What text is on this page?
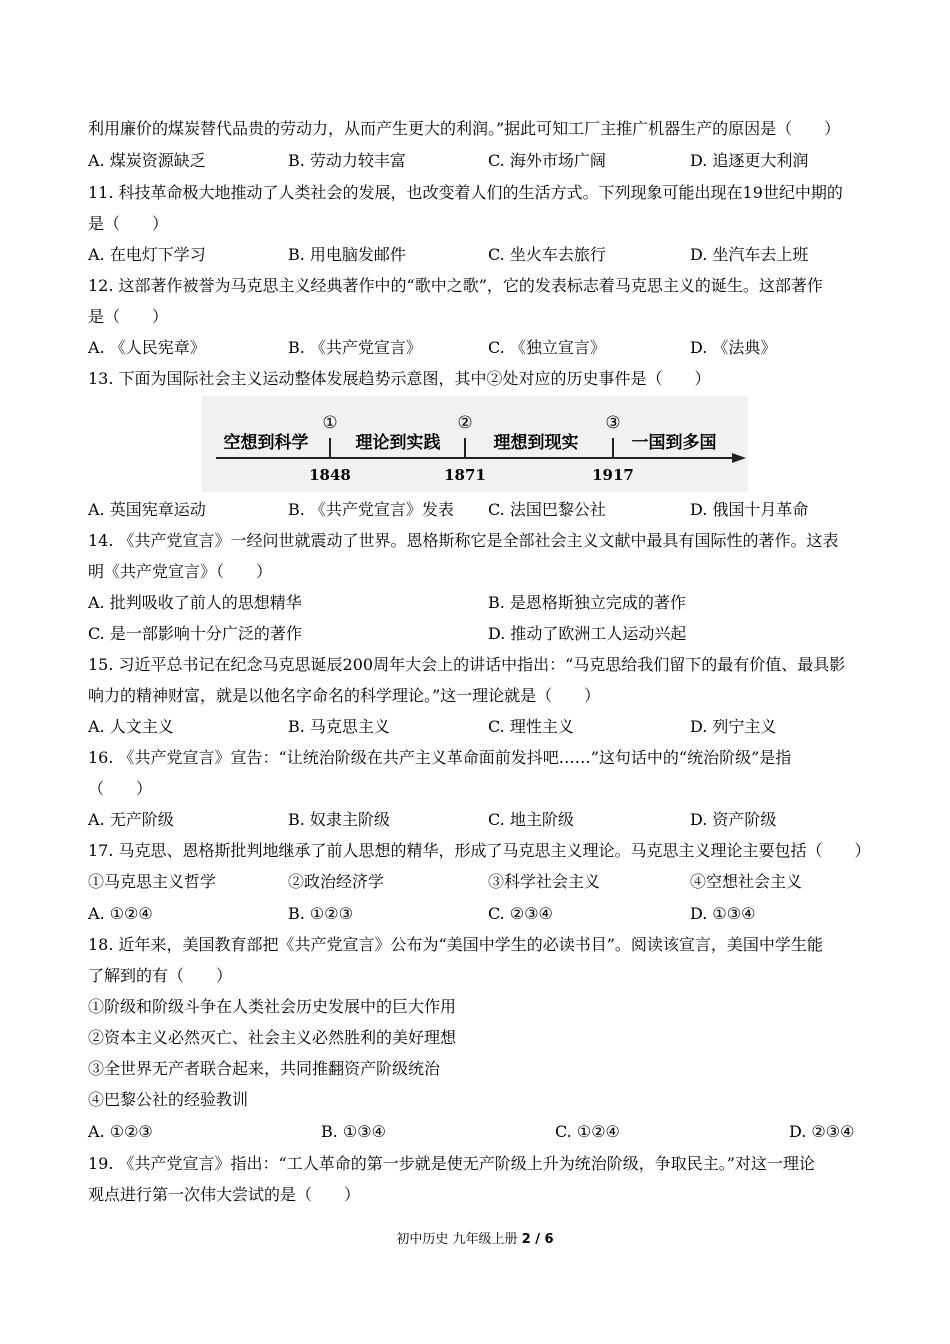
利用廉价的煤炭替代品贵的劳动力，从而产生更大的利润。”据此可知工厂主推广机器生产的原因是（　　）
A. 煤炭资源缺乏	B. 劳动力较丰富	C. 海外市场广阔	D. 追逐更大利润
11. 科技革命极大地推动了人类社会的发展，也改变着人们的生活方式。下列现象可能出现在19世纪中期的
是（　　）
A. 在电灯下学习	B. 用电脑发邮件	C. 坐火车去旅行	D. 坐汽车去上班
12. 这部著作被誉为马克思主义经典著作中的“歌中之歌”，它的发表标志着马克思主义的诞生。这部著作
是（　　）
A. 《人民宪章》	B. 《共产党宣言》	C. 《独立宣言》	D. 《法典》
13. 下面为国际社会主义运动整体发展趋势示意图，其中②处对应的历史事件是（　　）
①	②	③
空想到科学	理论到实践	理想到现实	一国到多国
1848	1871	1917
A. 英国宪章运动	B. 《共产党宣言》发表 C. 法国巴黎公社	D. 俄国十月革命
14. 《共产党宣言》一经问世就震动了世界。恩格斯称它是全部社会主义文献中最具有国际性的著作。这表
明《共产党宣言》（　　）
A. 批判吸收了前人的思想精华	B. 是恩格斯独立完成的著作
C. 是一部影响十分广泛的著作	D. 推动了欧洲工人运动兴起
15. 习近平总书记在纪念马克思诞辰200周年大会上的讲话中指出：“马克思给我们留下的最有价值、最具影
响力的精神财富，就是以他名字命名的科学理论。”这一理论就是（　　）
A. 人文主义	B. 马克思主义	C. 理性主义	D. 列宁主义
16. 《共产党宣言》宣告：“让统治阶级在共产主义革命面前发抖吧……”这句话中的“统治阶级”是指
（　　）
A. 无产阶级	B. 奴隶主阶级	C. 地主阶级	D. 资产阶级
17. 马克思、恩格斯批判地继承了前人思想的精华，形成了马克思主义理论。马克思主义理论主要包括（　　）
①马克思主义哲学	②政治经济学	③科学社会主义	④空想社会主义
A. ①②④	B. ①②③	C. ②③④	D. ①③④
18. 近年来，美国教育部把《共产党宣言》公布为“美国中学生的必读书目”。阅读该宣言，美国中学生能
了解到的有（　　）
①阶级和阶级斗争在人类社会历史发展中的巨大作用
②资本主义必然灭亡、社会主义必然胜利的美好理想
③全世界无产者联合起来，共同推翻资产阶级统治
④巴黎公社的经验教训
A. ①②③	B. ①③④	C. ①②④	D. ②③④
19. 《共产党宣言》指出：“工人革命的第一步就是使无产阶级上升为统治阶级，争取民主。”对这一理论
观点进行第一次伟大尝试的是（　　）
初中历史 九年级上册 2 / 6
